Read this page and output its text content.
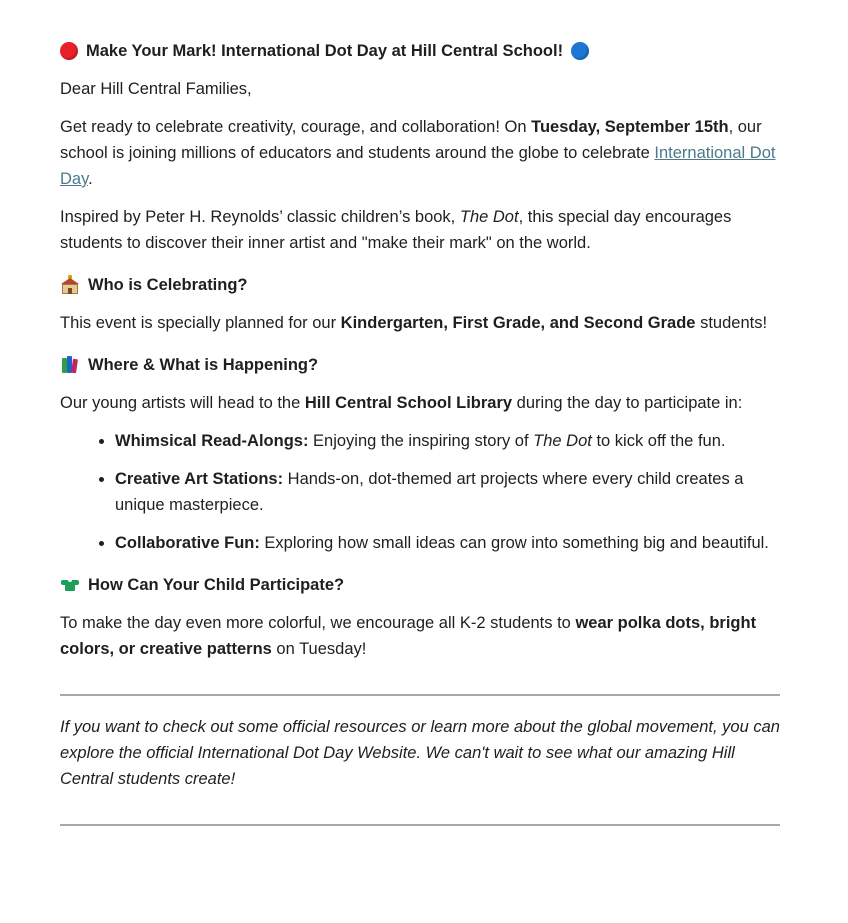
Make Your Mark! International Dot Day at Hill Central School!

Dear Hill Central Families,

Get ready to celebrate creativity, courage, and collaboration! On Tuesday, September 15th, our school is joining millions of educators and students around the globe to celebrate International Dot Day.

Inspired by Peter H. Reynolds’ classic children’s book, The Dot, this special day encourages students to discover their inner artist and "make their mark" on the world.

Who is Celebrating?

This event is specially planned for our Kindergarten, First Grade, and Second Grade students!

Where & What is Happening?

Our young artists will head to the Hill Central School Library during the day to participate in:

• Whimsical Read-Alongs: Enjoying the inspiring story of The Dot to kick off the fun.
• Creative Art Stations: Hands-on, dot-themed art projects where every child creates a unique masterpiece.
• Collaborative Fun: Exploring how small ideas can grow into something big and beautiful.

How Can Your Child Participate?

To make the day even more colorful, we encourage all K-2 students to wear polka dots, bright colors, or creative patterns on Tuesday!

If you want to check out some official resources or learn more about the global movement, you can explore the official International Dot Day Website. We can't wait to see what our amazing Hill Central students create!
